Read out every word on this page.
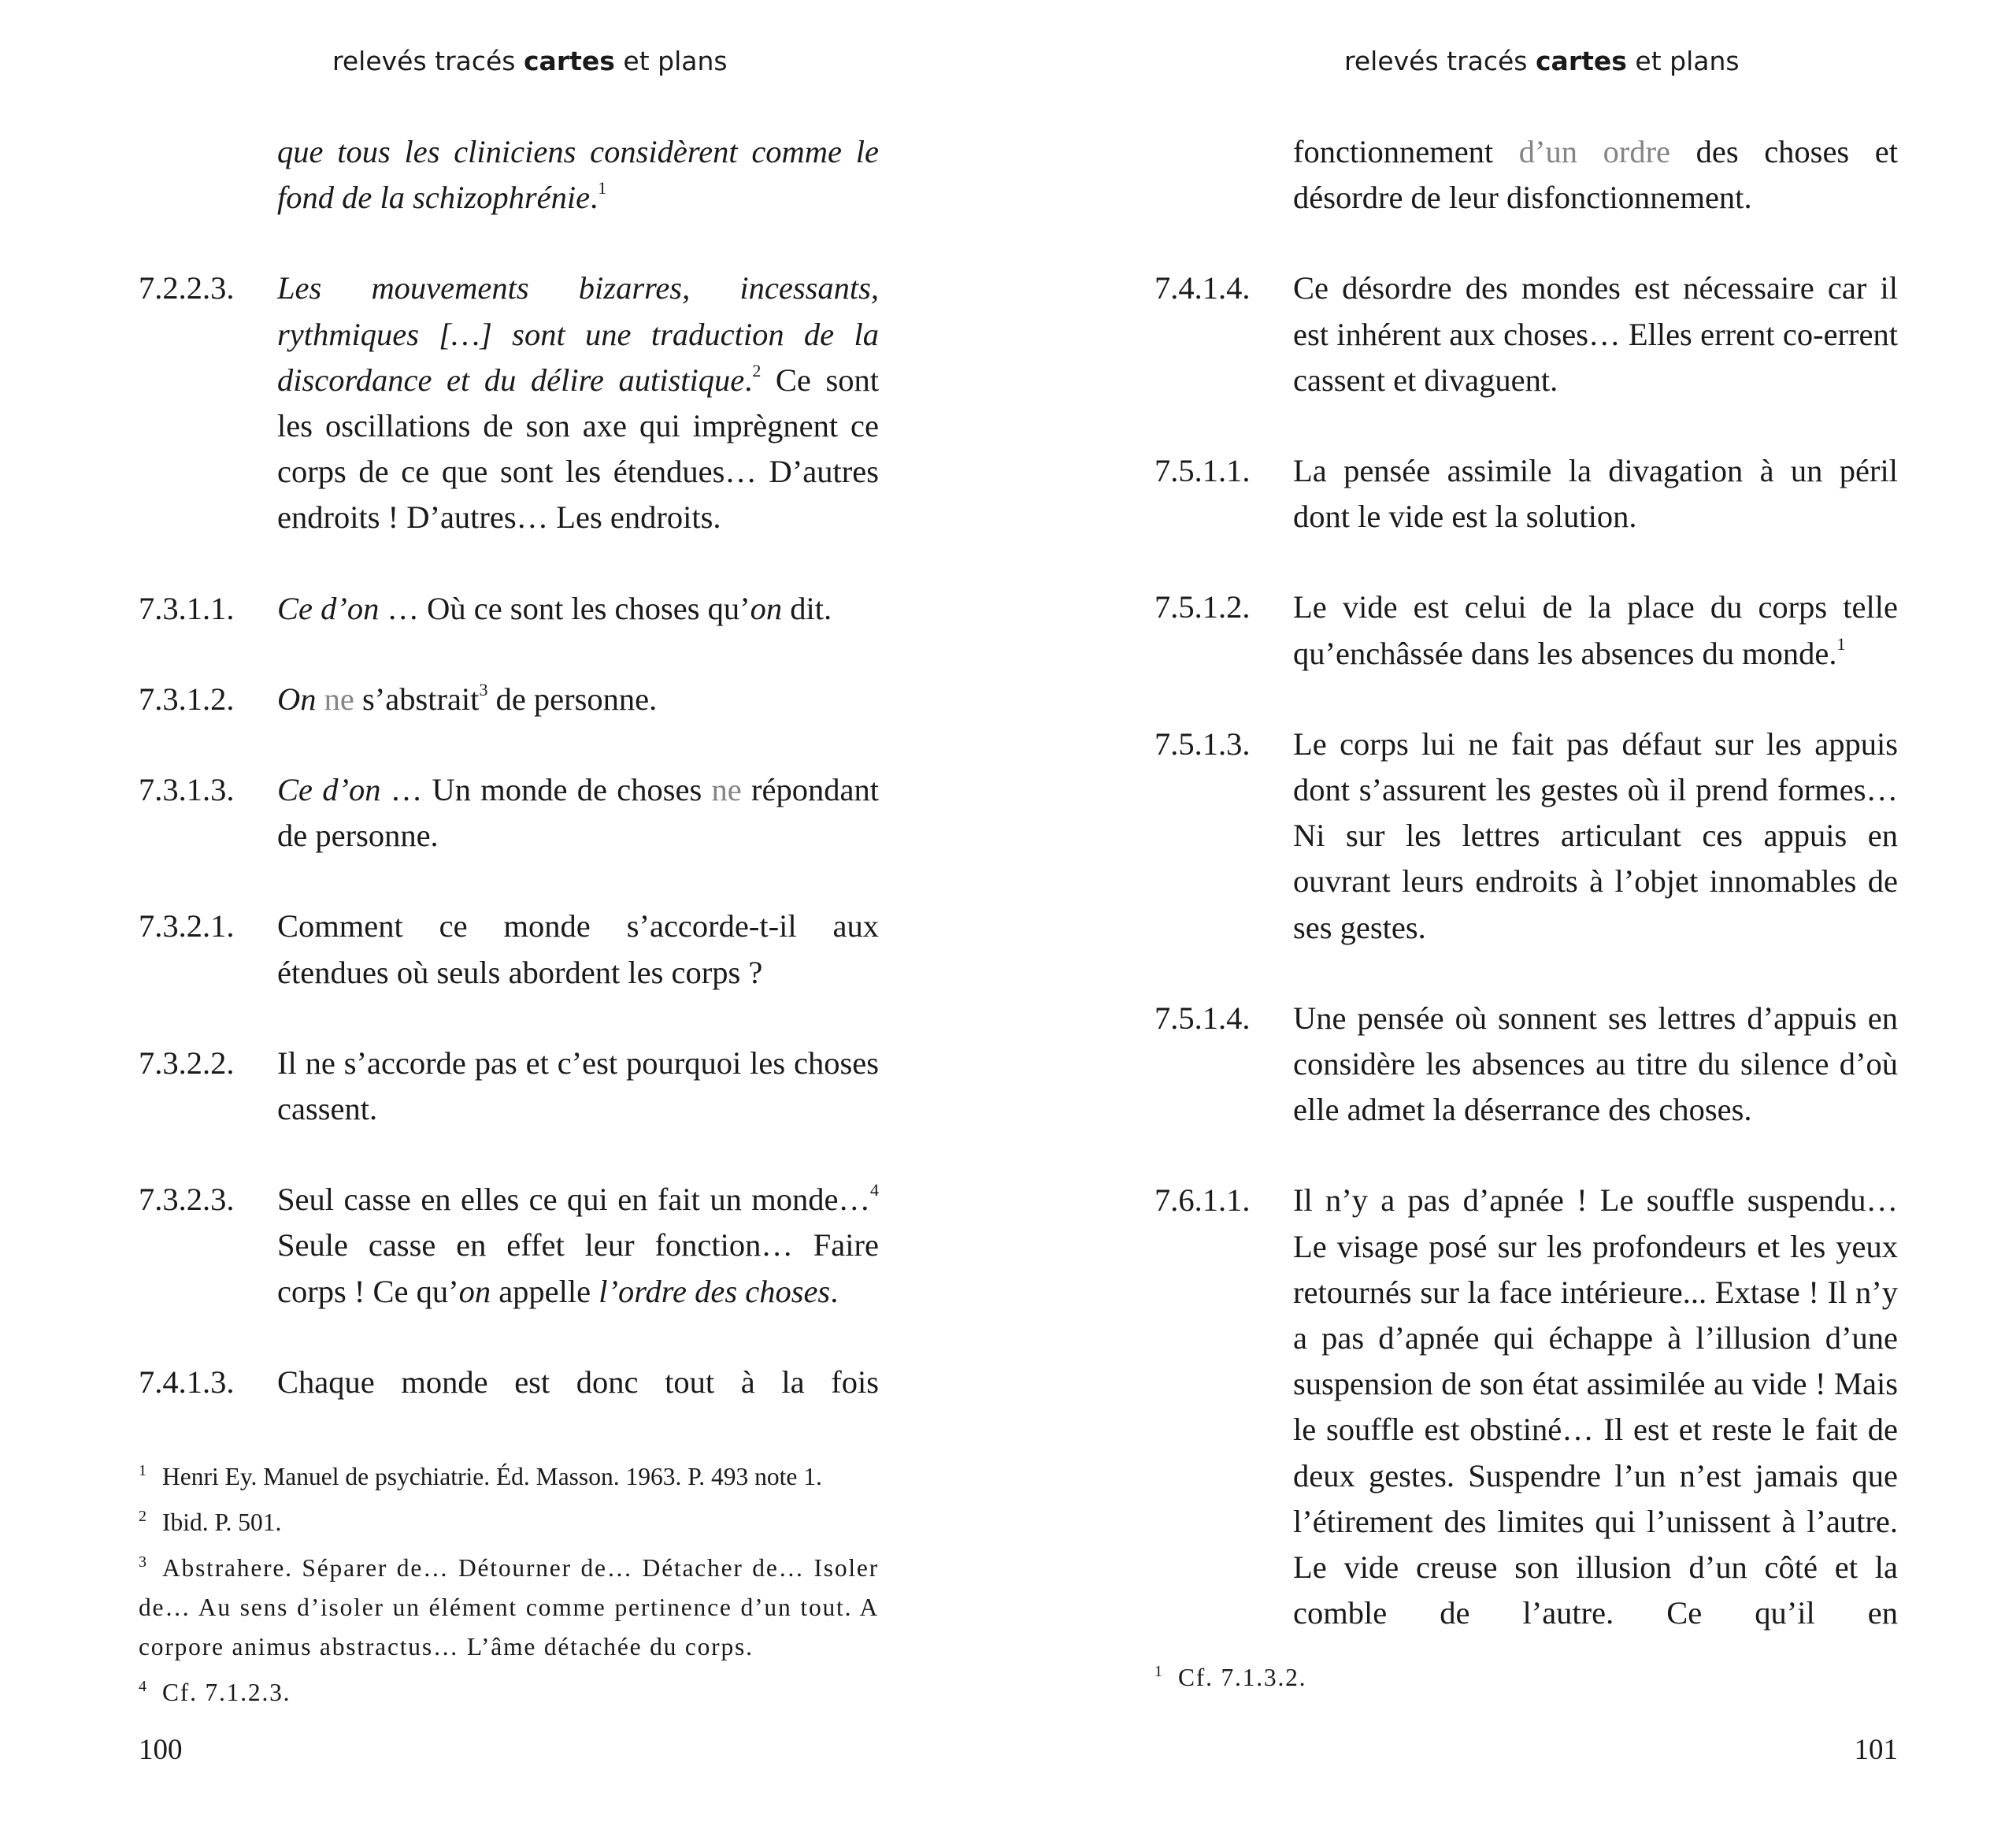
relevés tracés cartes et plans
que tous les cliniciens considèrent comme le fond de la schizophrénie.$^1$
7.2.2.3.	Les mouvements bizarres, incessants, rythmiques […] sont une traduction de la discordance et du délire autistique.$^2$ Ce sont les oscillations de son axe qui imprègnent ce corps de ce que sont les étendues… D’autres endroits ! D’autres… Les endroits.
7.3.1.1.	Ce d’on … Où ce sont les choses qu’on dit.
7.3.1.2.	On ne s’abstrait$^3$ de personne.
7.3.1.3.	Ce d’on … Un monde de choses ne répondant de personne.
7.3.2.1.	Comment ce monde s’accorde-t-il aux étendues où seuls abordent les corps ?
7.3.2.2.	Il ne s’accorde pas et c’est pourquoi les choses cassent.
7.3.2.3.	Seul casse en elles ce qui en fait un monde…$^4$ Seule casse en effet leur fonction… Faire corps ! Ce qu’on appelle l’ordre des choses.
7.4.1.3.	Chaque monde est donc tout à la fois

1 Henri Ey. Manuel de psychiatrie. Éd. Masson. 1963. P. 493 note 1.

2 Ibid. P. 501.

3 Abstrahere. Séparer de… Détourner de… Détacher de… Isoler de… Au sens d’isoler un élément comme pertinence d’un tout. A corpore animus abstractus… L’âme détachée du corps.

4 Cf. 7.1.2.3.

100
relevés tracés cartes et plans
fonctionnement d’un ordre des choses et désordre de leur disfonctionnement.
7.4.1.4.	Ce désordre des mondes est nécessaire car il est inhérent aux choses… Elles errent co-errent cassent et divaguent.
7.5.1.1.	La pensée assimile la divagation à un péril dont le vide est la solution.
7.5.1.2.	Le vide est celui de la place du corps telle qu’enchâssée dans les absences du monde.$^1$
7.5.1.3.	Le corps lui ne fait pas défaut sur les appuis dont s’assurent les gestes où il prend formes… Ni sur les lettres articulant ces appuis en ouvrant leurs endroits à l’objet innomables de ses gestes.
7.5.1.4.	Une pensée où sonnent ses lettres d’appuis en considère les absences au titre du silence d’où elle admet la déserrance des choses.
7.6.1.1.	Il n’y a pas d’apnée ! Le souffle suspendu… Le visage posé sur les profondeurs et les yeux retournés sur la face intérieure... Extase ! Il n’y a pas d’apnée qui échappe à l’illusion d’une suspension de son état assimilée au vide ! Mais le souffle est obstiné… Il est et reste le fait de deux gestes. Suspendre l’un n’est jamais que l’étirement des limites qui l’unissent à l’autre. Le vide creuse son illusion d’un côté et la comble de l’autre. Ce qu’il en

1 Cf. 7.1.3.2.

101
